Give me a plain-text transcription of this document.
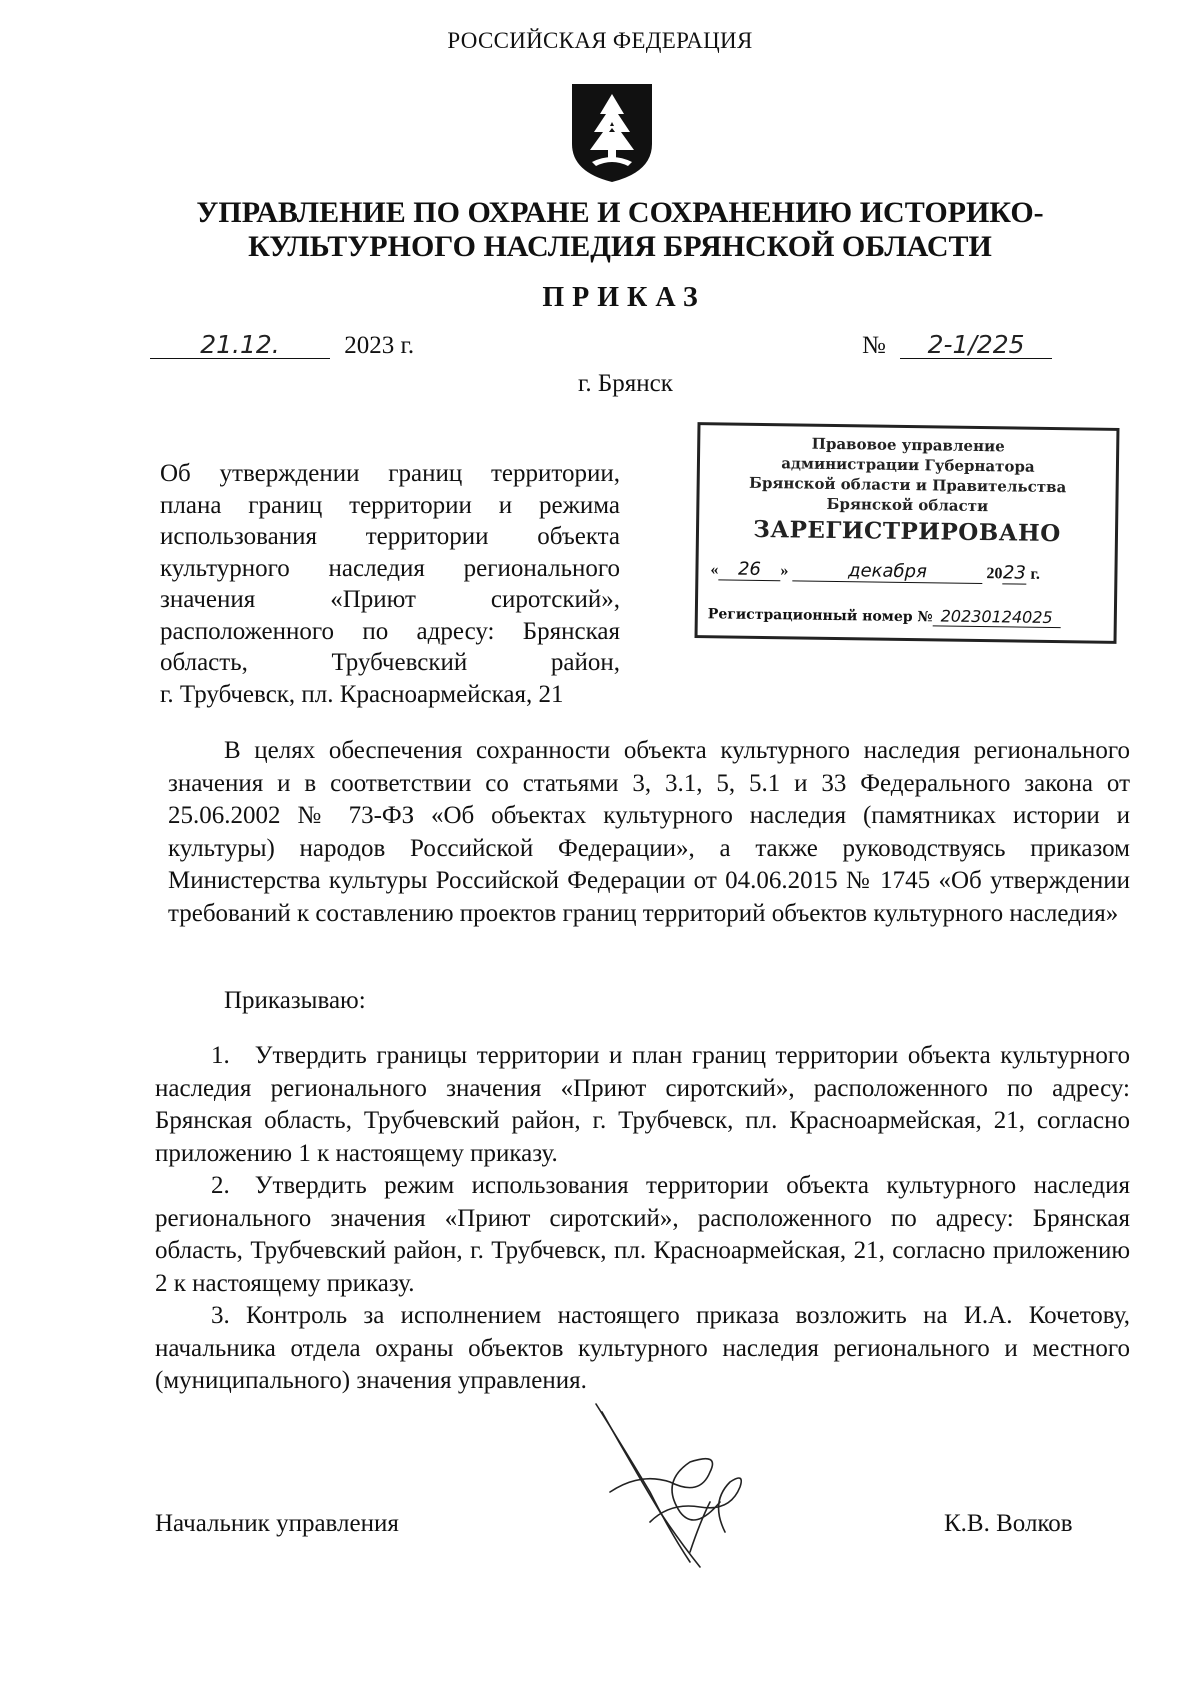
РОССИЙСКАЯ ФЕДЕРАЦИЯ
УПРАВЛЕНИЕ ПО ОХРАНЕ И СОХРАНЕНИЮ ИСТОРИКО-
КУЛЬТУРНОГО НАСЛЕДИЯ БРЯНСКОЙ ОБЛАСТИ
ПРИКАЗ
21.12.	2023 г.	№ 2-1/225
г. Брянск
Об утверждении границ территории,
плана границ территории и режима
использования территории объекта
культурного наследия регионального
значения «Приют сиротский»,
расположенного по адресу: Брянская
область, Трубчевский район,
г. Трубчевск, пл. Красноармейская, 21
Правовое управление
администрации Губернатора
Брянской области и Правительства
Брянской области
ЗАРЕГИСТРИРОВАНО
« 26 »	декабря	2023 г.
Регистрационный номер № 20230124025
В целях обеспечения сохранности объекта культурного наследия регионального значения и в соответствии со статьями 3, 3.1, 5, 5.1 и 33 Федерального закона от 25.06.2002 № 73-ФЗ «Об объектах культурного наследия (памятниках истории и культуры) народов Российской Федерации», а также руководствуясь приказом Министерства культуры Российской Федерации от 04.06.2015 № 1745 «Об утверждении требований к составлению проектов границ территорий объектов культурного наследия»
Приказываю:
1. Утвердить границы территории и план границ территории объекта культурного наследия регионального значения «Приют сиротский», расположенного по адресу: Брянская область, Трубчевский район, г. Трубчевск, пл. Красноармейская, 21, согласно приложению 1 к настоящему приказу.
2. Утвердить режим использования территории объекта культурного наследия регионального значения «Приют сиротский», расположенного по адресу: Брянская область, Трубчевский район, г. Трубчевск, пл. Красноармейская, 21, согласно приложению 2 к настоящему приказу.
3. Контроль за исполнением настоящего приказа возложить на И.А. Кочетову, начальника отдела охраны объектов культурного наследия регионального и местного (муниципального) значения управления.
Начальник управления	К.В. Волков
